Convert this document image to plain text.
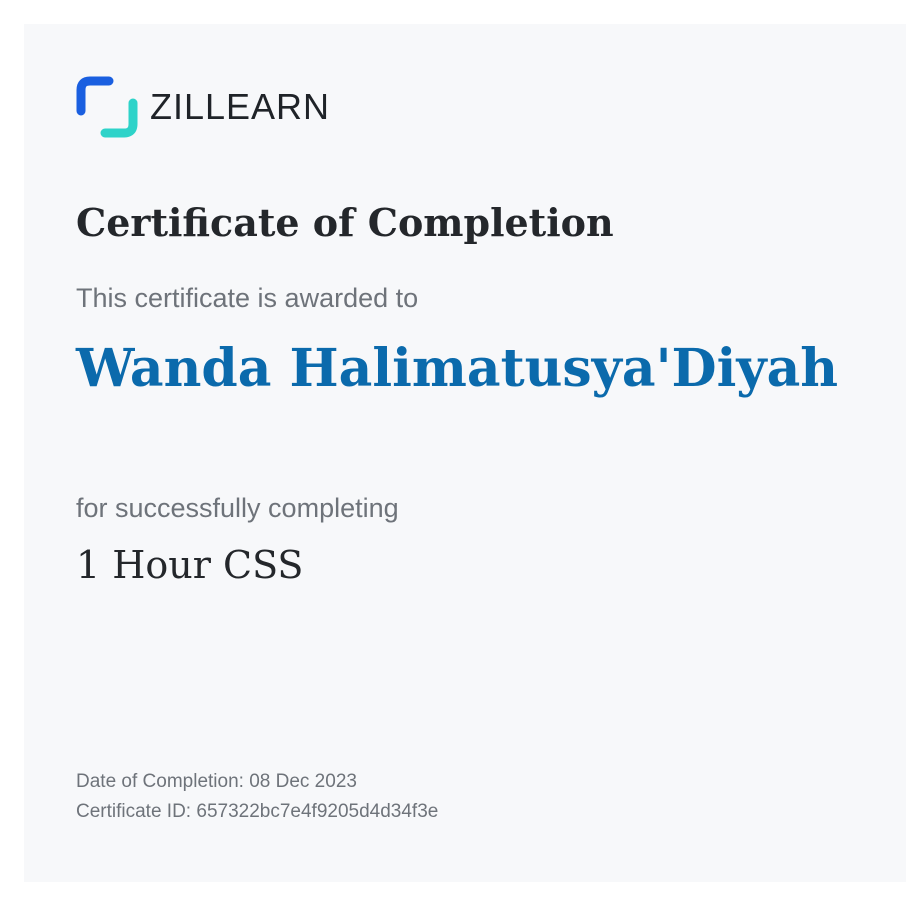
ZILLEARN
Certificate of Completion
This certificate is awarded to
Wanda Halimatusya'Diyah
for successfully completing
1 Hour CSS
Date of Completion: 08 Dec 2023
Certificate ID: 657322bc7e4f9205d4d34f3e
